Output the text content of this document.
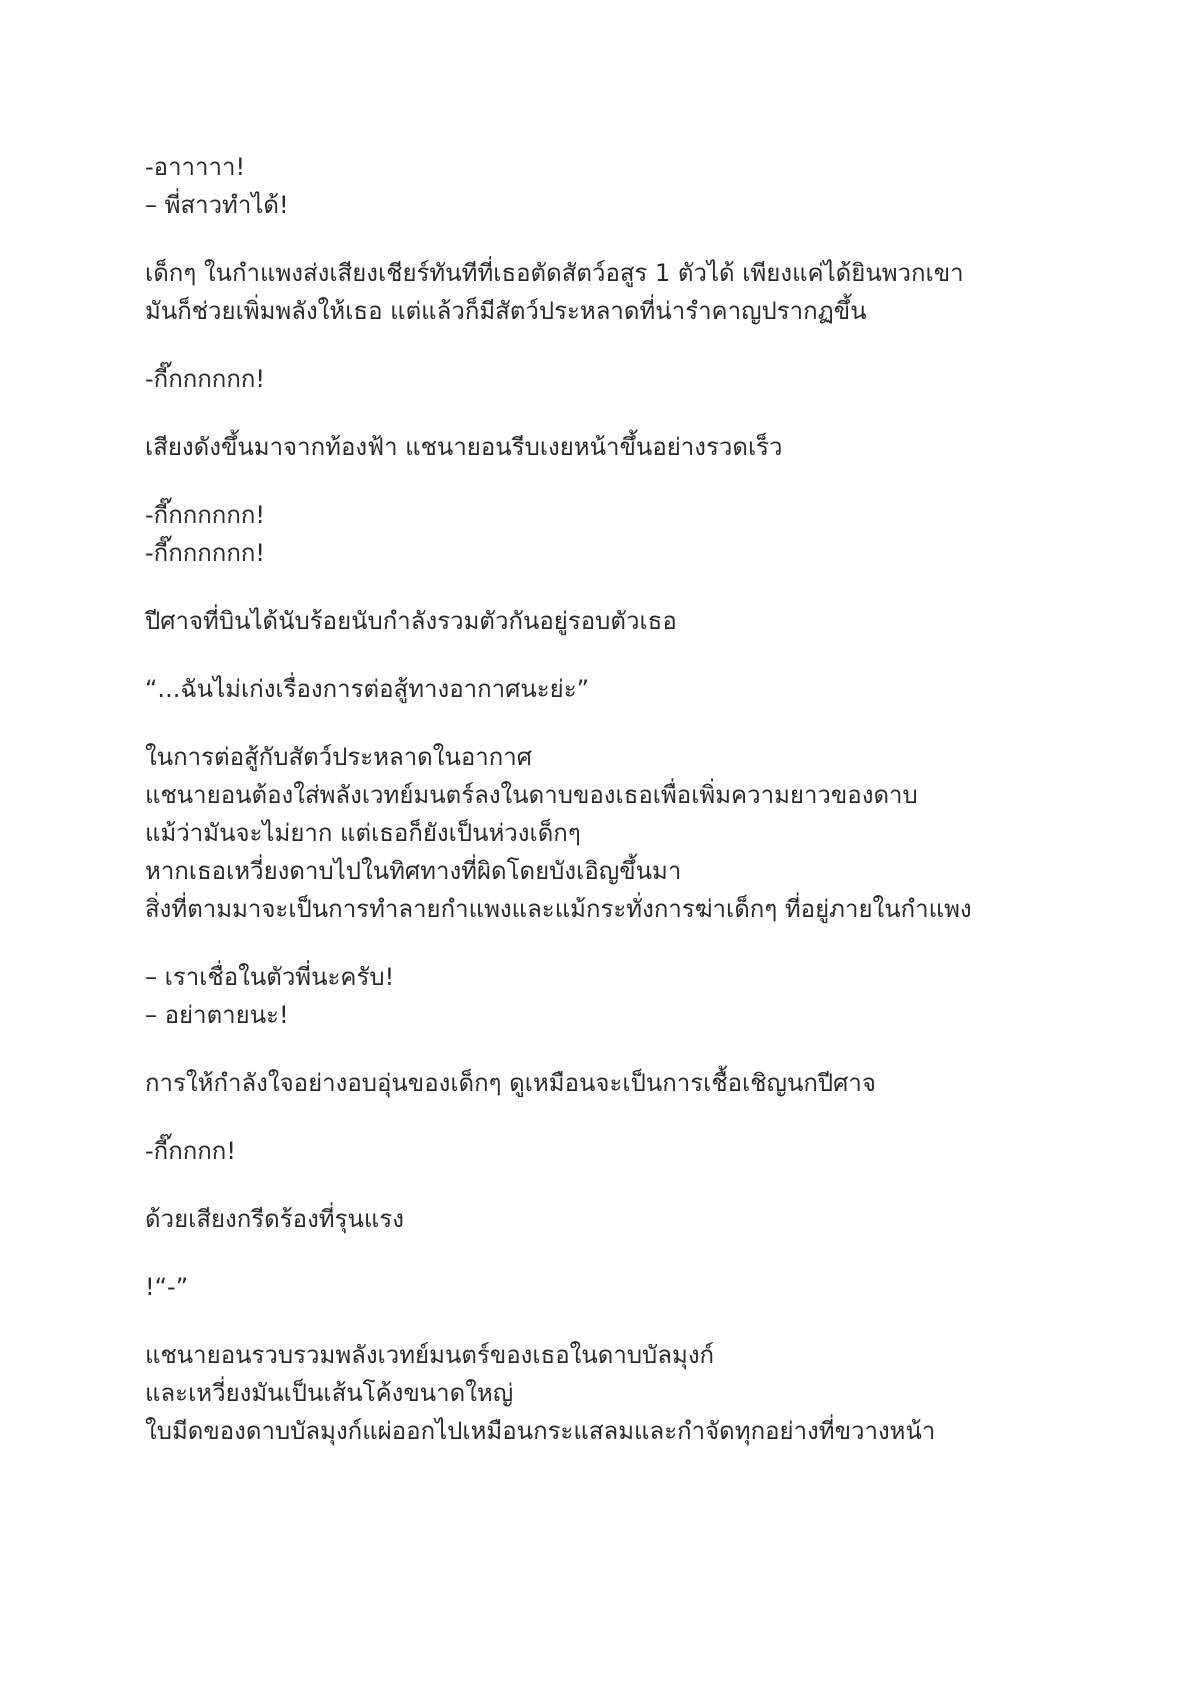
-อาาาาา!
– พี่สาวทำได้!

เด็กๆ ในกำแพงส่งเสียงเชียร์ทันทีที่เธอตัดสัตว์อสูร 1 ตัวได้ เพียงแค่ได้ยินพวกเขา
มันก็ช่วยเพิ่มพลังให้เธอ แต่แล้วก็มีสัตว์ประหลาดที่น่ารำคาญปรากฏขึ้น

-กี๊กกกกกก!

เสียงดังขึ้นมาจากท้องฟ้า แชนายอนรีบเงยหน้าขึ้นอย่างรวดเร็ว

-กี๊กกกกกก!
-กี๊กกกกกก!

ปีศาจที่บินได้นับร้อยนับกำลังรวมตัวกันอยู่รอบตัวเธอ

“...ฉันไม่เก่งเรื่องการต่อสู้ทางอากาศนะย่ะ”

ในการต่อสู้กับสัตว์ประหลาดในอากาศ
แชนายอนต้องใส่พลังเวทย์มนตร์ลงในดาบของเธอเพื่อเพิ่มความยาวของดาบ
แม้ว่ามันจะไม่ยาก แต่เธอก็ยังเป็นห่วงเด็กๆ
หากเธอเหวี่ยงดาบไปในทิศทางที่ผิดโดยบังเอิญขึ้นมา
สิ่งที่ตามมาจะเป็นการทำลายกำแพงและแม้กระทั่งการฆ่าเด็กๆ ที่อยู่ภายในกำแพง

– เราเชื่อในตัวพี่นะครับ!
– อย่าตายนะ!

การให้กำลังใจอย่างอบอุ่นของเด็กๆ ดูเหมือนจะเป็นการเชื้อเชิญนกปีศาจ

-กี๊กกกก!

ด้วยเสียงกรีดร้องที่รุนแรง

!“-”

แชนายอนรวบรวมพลังเวทย์มนตร์ของเธอในดาบบัลมุงก์
และเหวี่ยงมันเป็นเส้นโค้งขนาดใหญ่
ใบมีดของดาบบัลมุงก์แผ่ออกไปเหมือนกระแสลมและกำจัดทุกอย่างที่ขวางหน้า
